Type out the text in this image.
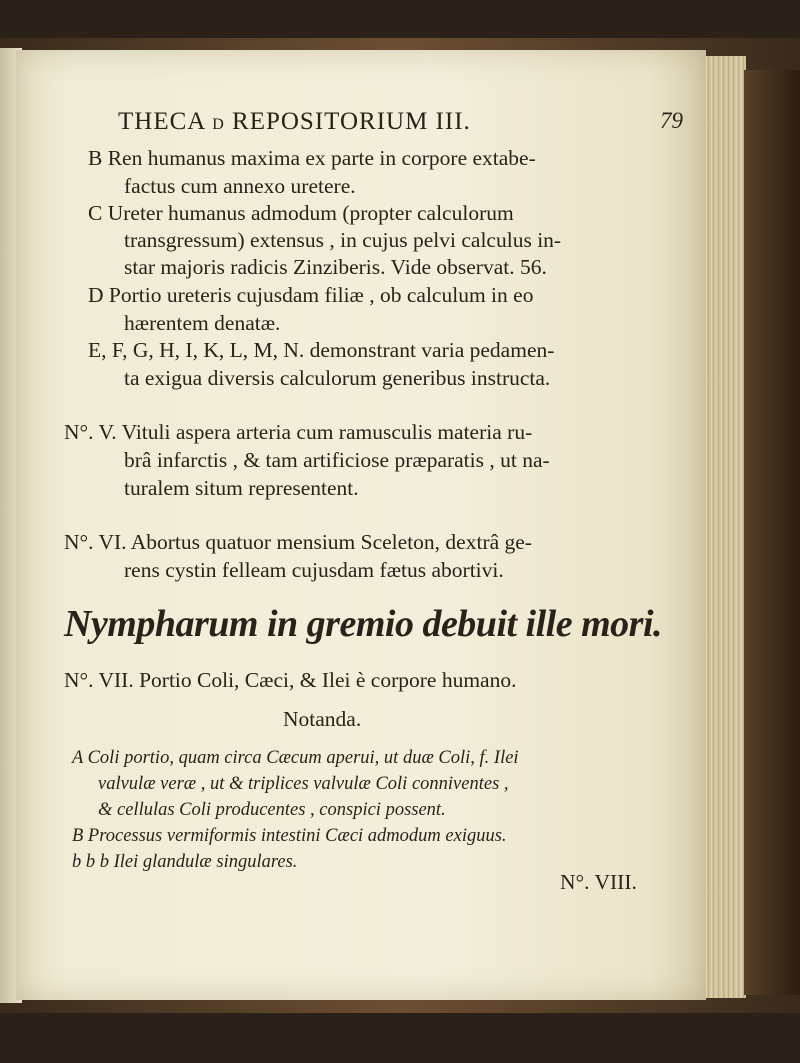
THECA D REPOSITORIUM III.	79
B Ren humanus maxima ex parte in corpore extabe-
factus cum annexo uretere.
C Ureter humanus admodum (propter calculorum
transgressum) extensus , in cujus pelvi calculus in-
star majoris radicis Zinziberis. Vide observat. 56.
D Portio ureteris cujusdam filiæ , ob calculum in eo
hærentem denatæ.
E, F, G, H, I, K, L, M, N. demonstrant varia pedamen-
ta exigua diversis calculorum generibus instructa.
N°. V. Vituli aspera arteria cum ramusculis materia ru-
brâ infarctis , & tam artificiose præparatis , ut na-
turalem situm representent.
N°. VI. Abortus quatuor mensium Sceleton, dextrâ ge-
rens cystin felleam cujusdam fætus abortivi.
Nympharum in gremio debuit ille mori.
N°. VII. Portio Coli, Cæci, & Ilei è corpore humano.
Notanda.
A Coli portio, quam circa Cæcum aperui, ut duæ Coli, f. Ilei
valvulæ veræ , ut & triplices valvulæ Coli conniventes ,
& cellulas Coli producentes , conspici possent.
B Processus vermiformis intestini Cæci admodum exiguus.
b b b Ilei glandulæ singulares.
N°. VIII.
